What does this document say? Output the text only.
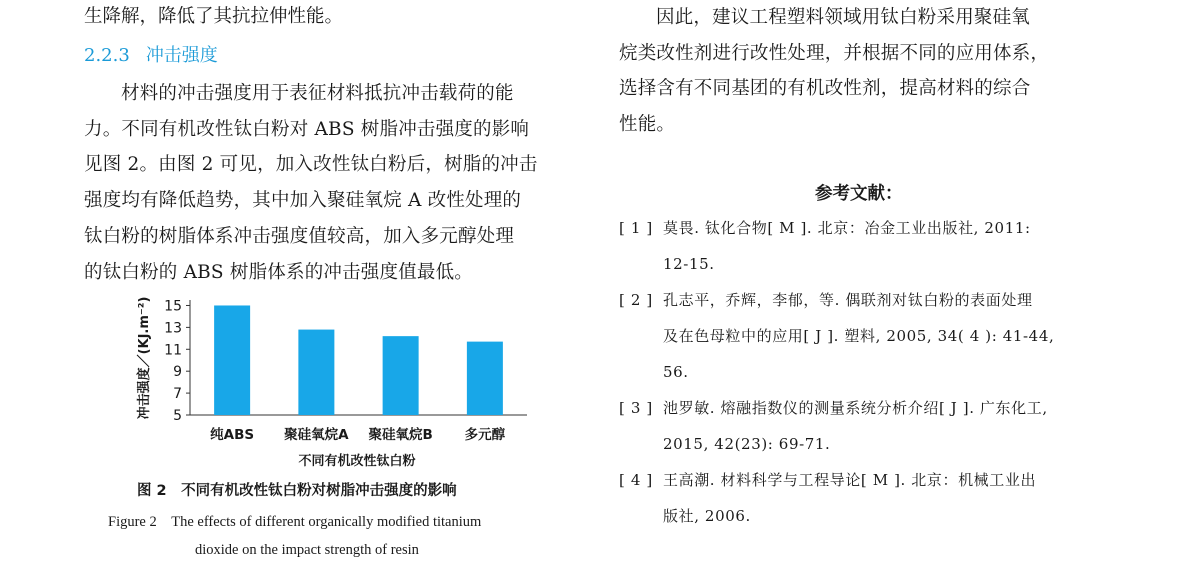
生降解，降低了其抗拉伸性能。

2.2.3 冲击强度

材料的冲击强度用于表征材料抵抗冲击载荷的能

力。不同有机改性钛白粉对 ABS 树脂冲击强度的影响

见图 2。由图 2 可见，加入改性钛白粉后，树脂的冲击

强度均有降低趋势，其中加入聚硅氧烷 A 改性处理的

钛白粉的树脂体系冲击强度值较高，加入多元醇处理

的钛白粉的 ABS 树脂体系的冲击强度值最低。

5
7
9
11
13
15
纯ABS 聚硅氧烷A 聚硅氧烷B 多元醇
不同有机改性钛白粉
冲击强度／(KJ.m⁻²)

图 2　不同有机改性钛白粉对树脂冲击强度的影响

Figure 2　The effects of different organically modified titanium
dioxide on the impact strength of resin

因此，建议工程塑料领域用钛白粉采用聚硅氧

烷类改性剂进行改性处理，并根据不同的应用体系，

选择含有不同基团的有机改性剂，提高材料的综合

性能。

参考文献：

[ 1 ] 莫畏. 钛化合物[ M ]. 北京：冶金工业出版社, 2011:
12-15.
[ 2 ] 孔志平，乔辉，李郁，等. 偶联剂对钛白粉的表面处理
及在色母粒中的应用[ J ]. 塑料, 2005, 34( 4 ): 41-44,
56.
[ 3 ] 池罗敏. 熔融指数仪的测量系统分析介绍[ J ]. 广东化工,
2015, 42(23): 69-71.
[ 4 ] 王高潮. 材料科学与工程导论[ M ]. 北京：机械工业出
版社, 2006.
